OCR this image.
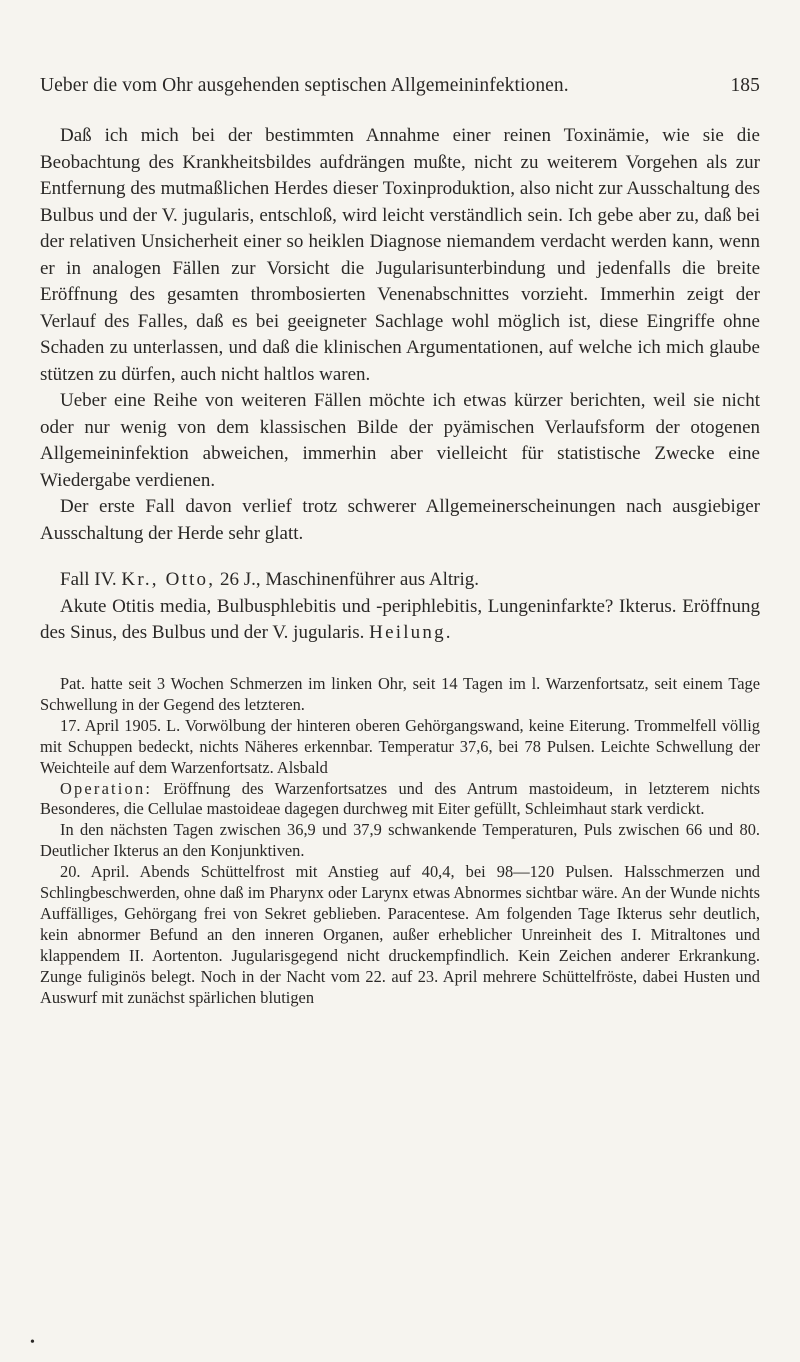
Ueber die vom Ohr ausgehenden septischen Allgemeininfektionen.	185

Daß ich mich bei der bestimmten Annahme einer reinen Toxinämie, wie sie die Beobachtung des Krankheitsbildes aufdrängen mußte, nicht zu weiterem Vorgehen als zur Entfernung des mutmaßlichen Herdes dieser Toxinproduktion, also nicht zur Ausschaltung des Bulbus und der V. jugularis, entschloß, wird leicht verständlich sein. Ich gebe aber zu, daß bei der relativen Unsicherheit einer so heiklen Diagnose niemandem verdacht werden kann, wenn er in analogen Fällen zur Vorsicht die Jugularisunterbindung und jedenfalls die breite Eröffnung des gesamten thrombosierten Venenabschnittes vorzieht. Immerhin zeigt der Verlauf des Falles, daß es bei geeigneter Sachlage wohl möglich ist, diese Eingriffe ohne Schaden zu unterlassen, und daß die klinischen Argumentationen, auf welche ich mich glaube stützen zu dürfen, auch nicht haltlos waren.

Ueber eine Reihe von weiteren Fällen möchte ich etwas kürzer berichten, weil sie nicht oder nur wenig von dem klassischen Bilde der pyämischen Verlaufsform der otogenen Allgemeininfektion abweichen, immerhin aber vielleicht für statistische Zwecke eine Wiedergabe verdienen.

Der erste Fall davon verlief trotz schwerer Allgemeinerscheinungen nach ausgiebiger Ausschaltung der Herde sehr glatt.

Fall IV. Kr., Otto, 26 J., Maschinenführer aus Altrig.

Akute Otitis media, Bulbusphlebitis und -periphlebitis, Lungeninfarkte? Ikterus. Eröffnung des Sinus, des Bulbus und der V. jugularis. Heilung.

Pat. hatte seit 3 Wochen Schmerzen im linken Ohr, seit 14 Tagen im l. Warzenfortsatz, seit einem Tage Schwellung in der Gegend des letzteren.

17. April 1905. L. Vorwölbung der hinteren oberen Gehörgangswand, keine Eiterung. Trommelfell völlig mit Schuppen bedeckt, nichts Näheres erkennbar. Temperatur 37,6, bei 78 Pulsen. Leichte Schwellung der Weichteile auf dem Warzenfortsatz. Alsbald

Operation: Eröffnung des Warzenfortsatzes und des Antrum mastoideum, in letzterem nichts Besonderes, die Cellulae mastoideae dagegen durchweg mit Eiter gefüllt, Schleimhaut stark verdickt.

In den nächsten Tagen zwischen 36,9 und 37,9 schwankende Temperaturen, Puls zwischen 66 und 80. Deutlicher Ikterus an den Konjunktiven.

20. April. Abends Schüttelfrost mit Anstieg auf 40,4, bei 98—120 Pulsen. Halsschmerzen und Schlingbeschwerden, ohne daß im Pharynx oder Larynx etwas Abnormes sichtbar wäre. An der Wunde nichts Auffälliges, Gehörgang frei von Sekret geblieben. Paracentese. Am folgenden Tage Ikterus sehr deutlich, kein abnormer Befund an den inneren Organen, außer erheblicher Unreinheit des I. Mitraltones und klappendem II. Aortenton. Jugularisgegend nicht druckempfindlich. Kein Zeichen anderer Erkrankung. Zunge fuliginös belegt. Noch in der Nacht vom 22. auf 23. April mehrere Schüttelfröste, dabei Husten und Auswurf mit zunächst spärlichen blutigen

•
